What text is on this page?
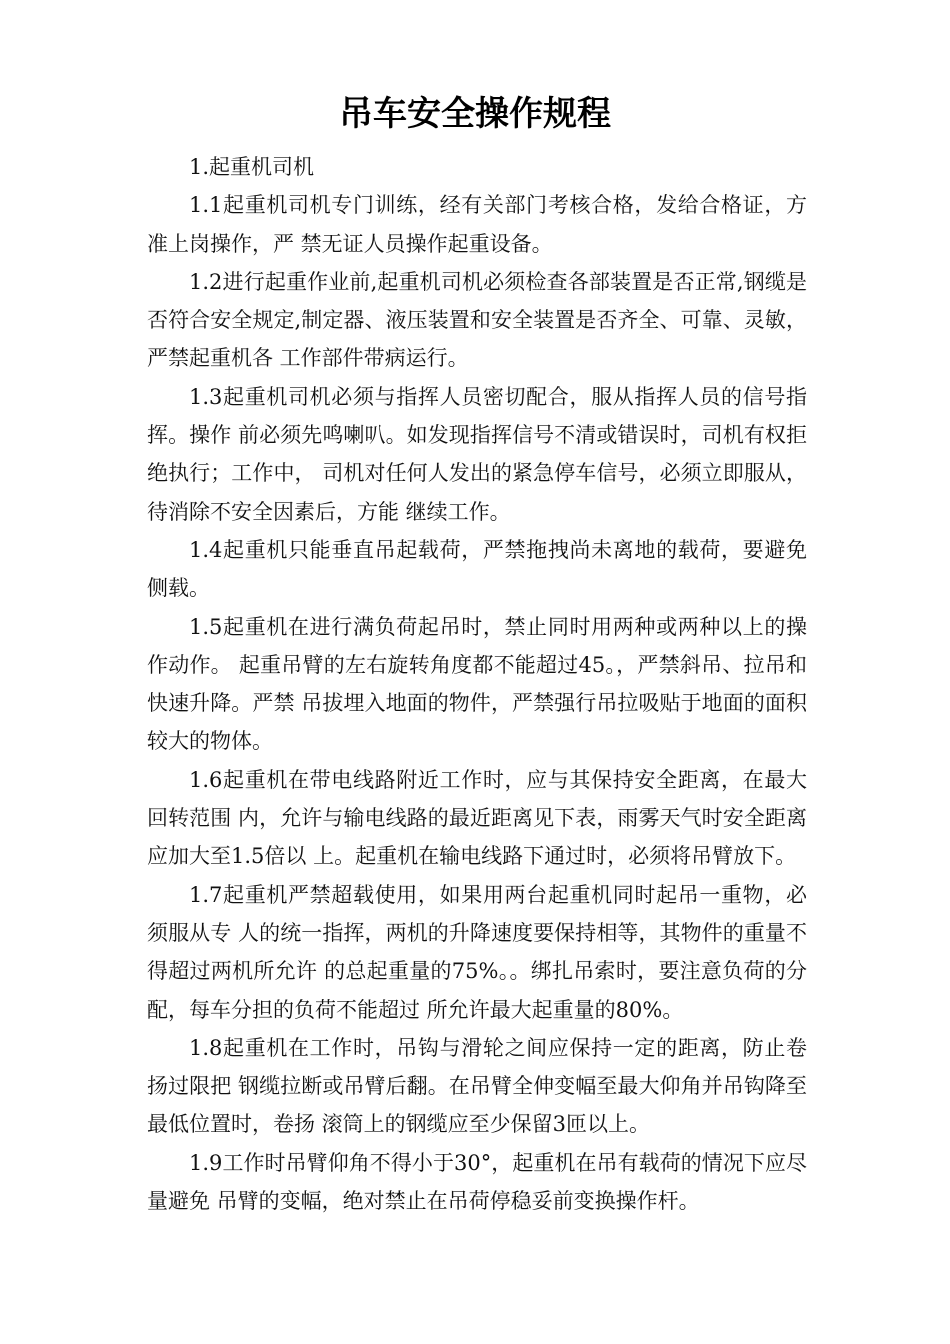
吊车安全操作规程

1.起重机司机

1.1起重机司机专门训练，经有关部门考核合格，发给合格证，方准上岗操作，严 禁无证人员操作起重设备。

1.2进行起重作业前,起重机司机必须检查各部装置是否正常,钢缆是否符合安全规定,制定器、液压装置和安全装置是否齐全、可靠、灵敏，严禁起重机各 工作部件带病运行。

1.3起重机司机必须与指挥人员密切配合，服从指挥人员的信号指挥。操作 前必须先鸣喇叭。如发现指挥信号不清或错误时，司机有权拒绝执行；工作中， 司机对任何人发出的紧急停车信号，必须立即服从，待消除不安全因素后，方能 继续工作。

1.4起重机只能垂直吊起载荷，严禁拖拽尚未离地的载荷，要避免侧载。

1.5起重机在进行满负荷起吊时，禁止同时用两种或两种以上的操作动作。 起重吊臂的左右旋转角度都不能超过45。，严禁斜吊、拉吊和快速升降。严禁 吊拔埋入地面的物件，严禁强行吊拉吸贴于地面的面积较大的物体。

1.6起重机在带电线路附近工作时，应与其保持安全距离，在最大回转范围 内，允许与输电线路的最近距离见下表，雨雾天气时安全距离应加大至1.5倍以 上。起重机在输电线路下通过时，必须将吊臂放下。

1.7起重机严禁超载使用，如果用两台起重机同时起吊一重物，必须服从专 人的统一指挥，两机的升降速度要保持相等，其物件的重量不得超过两机所允许 的总起重量的75%。。绑扎吊索时，要注意负荷的分配，每车分担的负荷不能超过 所允许最大起重量的80%。

1.8起重机在工作时，吊钩与滑轮之间应保持一定的距离，防止卷扬过限把 钢缆拉断或吊臂后翻。在吊臂全伸变幅至最大仰角并吊钩降至最低位置时，卷扬 滚筒上的钢缆应至少保留3匝以上。

1.9工作时吊臂仰角不得小于30°，起重机在吊有载荷的情况下应尽量避免 吊臂的变幅，绝对禁止在吊荷停稳妥前变换操作杆。
